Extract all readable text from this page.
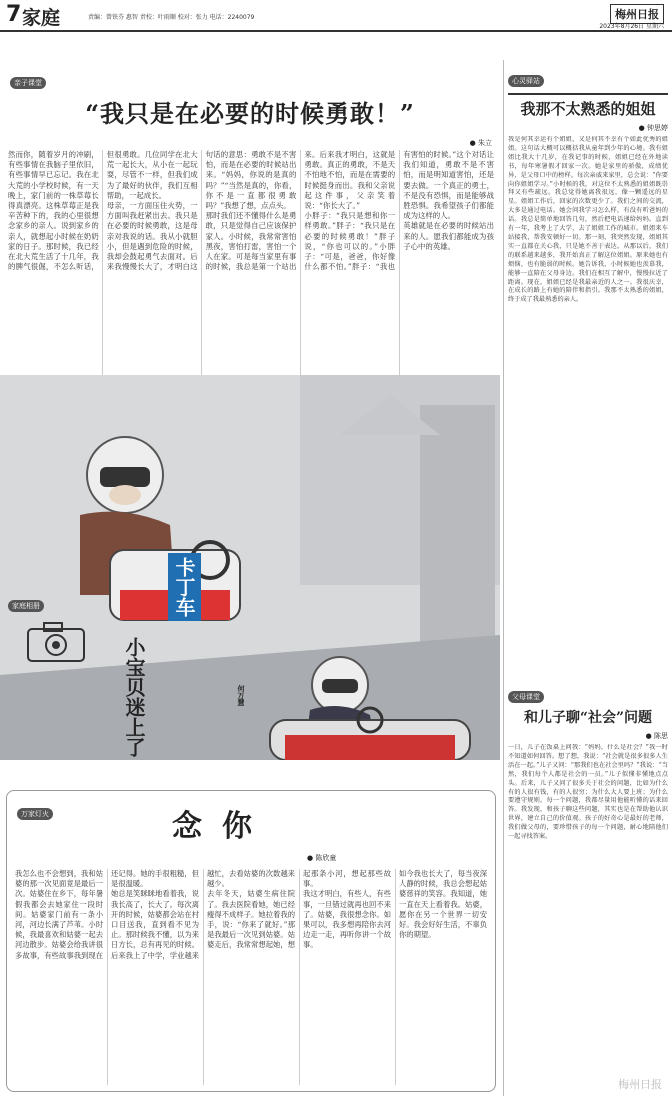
7 家庭	责编：曾铁芬 惠智 责校：叶雨顺 校对：张力 电话：2240079	梅州日报
2023年8月26日 星期六
亲子课堂
“我只是在必要的时候勇敢！”
● 朱立

然而你，随着岁月的冲刷，有些事情在我脑子里依旧，有些事情早已忘记。我在北大荒的小学校时候，有一天晚上，家门前的一株草莓长得真漂亮。这株草莓正是我辛苦种下的，我的心里很想念家乡的亲人。说到家乡的亲人，就想起小时候在奶奶家的日子。那时候，我已经在北大荒生活了十几年，我的脾气很倔，不怎么听话，但很勇敢。几位同学在北大荒一起长大，从小在一起玩耍，尽管不一样，但我们成为了最好的伙伴，我们互相帮助，一起成长。

母亲，一方面压住火势，一方面叫我赶紧出去。我只是在必要的时候勇敢，这是母亲对我说的话。我从小就胆小，但是遇到危险的时候，我却会鼓起勇气去面对。后来我慢慢长大了，才明白这句话的意思：勇敢不是不害怕，而是在必要的时候站出来。“妈妈，你说的是真的吗？”“当然是真的，你看，你不是一直都很勇敢吗？”我想了想，点点头。

那时我们还不懂得什么是勇敢，只是觉得自己应该保护家人。小时候，我常常害怕黑夜，害怕打雷，害怕一个人在家。可是每当家里有事的时候，我总是第一个站出来。后来我才明白，这就是勇敢。真正的勇敢，不是天不怕地不怕，而是在需要的时候挺身而出。我和父亲说起这件事，父亲笑着说：“你长大了。”

小胖子：“我只是想和你一样勇敢。”胖子：“我只是在必要的时候勇敢！”胖子说，“你也可以的。”小胖子：“可是，爸爸，你好像什么都不怕。”胖子：“我也有害怕的时候。”这个对话让我们知道，勇敢不是不害怕，而是明知道害怕，还是要去做。一个真正的勇士，不是没有恐惧，而是能够战胜恐惧。我希望孩子们都能成为这样的人。

英雄就是在必要的时候站出来的人。愿我们都能成为孩子心中的英雄。

家庭相册
小宝贝迷上了
卡丁车
何万慧
万家灯火	念你
● 陈欣童

我怎么也不会想到，我和姑婆的那一次见面竟是最后一次。姑婆住在乡下，每年暑假我都会去她家住一段时间。姑婆家门前有一条小河，河边长满了芦苇。小时候，我最喜欢和姑婆一起去河边散步。姑婆会给我讲很多故事，有些故事我到现在还记得。她的手很粗糙，但是很温暖。

她总是笑眯眯地看着我，说我长高了，长大了。每次离开的时候，姑婆都会站在村口目送我，直到看不见为止。那时候我不懂，以为来日方长，总有再见的时候。后来我上了中学，学业越来越忙，去看姑婆的次数越来越少。

去年冬天，姑婆生病住院了。我去医院看她，她已经瘦得不成样子。她拉着我的手，说：“你来了就好。”那是我最后一次见到姑婆。姑婆走后，我常常想起她，想起那条小河，想起那些故事。

我这才明白，有些人，有些事，一旦错过就再也回不来了。姑婆，我很想念你。如果可以，我多想再陪你去河边走一走，再听你讲一个故事。

如今我也长大了，每当夜深人静的时候，我总会想起姑婆慈祥的笑容。我知道，她一直在天上看着我。姑婆，愿你在另一个世界一切安好。我会好好生活，不辜负你的期望。

心灵驿站
我那不太熟悉的姐姐
● 钟思婷
我是何其幸运有个姐姐，又是何其不幸有个如此优秀的姐姐。这句话大概可以概括我从童年到少年的心境。我有姐姐比我大十几岁，在我记事的时候，姐姐已经在外地读书，每年寒暑假才回家一次。她是家里的骄傲，成绩优异，是父母口中的榜样。每次亲戚来家里，总会说：“你要向你姐姐学习。”小时候的我，对这位不太熟悉的姐姐既崇拜又有些疏远。我总觉得她离我很远，像一颗遥远的星星。姐姐工作后，回家的次数更少了。我们之间的交流，大多是通过电话。她会问我学习怎么样，有没有听爸妈的话。我总是简单地回答几句，然后把电话递给妈妈。直到有一年，我考上了大学，去了姐姐工作的城市。姐姐来车站接我，帮我安顿好一切。那一刻，我突然发现，姐姐其实一直都在关心我，只是她不善于表达。从那以后，我们的联系越来越多，我开始真正了解这位姐姐。原来她也有烦恼，也有脆弱的时候。她告诉我，小时候她也羡慕我，能够一直陪在父母身边。我们在相互了解中，慢慢拉近了距离。现在，姐姐已经是我最亲近的人之一。我很庆幸，在成长的路上有她的陪伴和指引。我那不太熟悉的姐姐，终于成了我最熟悉的亲人。
父母课堂
和儿子聊“社会”问题
● 陈思
一日，儿子在饭桌上问我：“妈妈，什么是社会？”我一时不知道如何回答。想了想，我说：“社会就是很多很多人生活在一起。”儿子又问：“那我们也在社会里吗？”我说：“当然，我们每个人都是社会的一员。”儿子似懂非懂地点点头。后来，儿子又问了很多关于社会的问题，比如为什么有的人很有钱，有的人很穷；为什么大人要上班；为什么要遵守规则。每一个问题，我都尽量用他能听懂的话来回答。我发现，和孩子聊这些问题，其实也是在帮助他认识世界，建立自己的价值观。孩子的好奇心是最好的老师，我们做父母的，要珍惜孩子的每一个问题，耐心地陪他们一起寻找答案。
梅州日报
